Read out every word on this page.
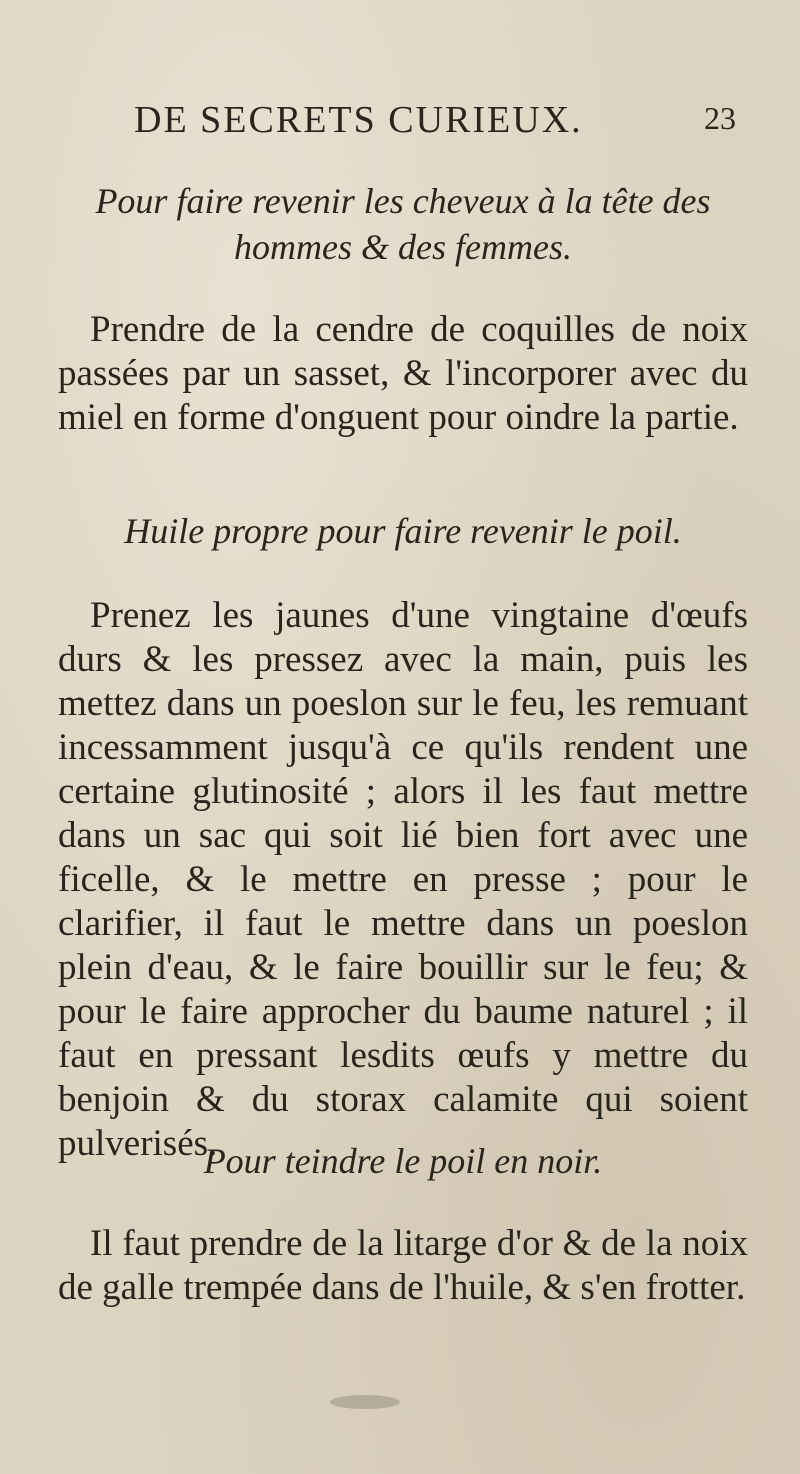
DE SECRETS CURIEUX.	23

Pour faire revenir les cheveux à la tête des hommes & des femmes.

Prendre de la cendre de coquilles de noix passées par un sasset, & l'incorporer avec du miel en forme d'onguent pour oindre la partie.

Huile propre pour faire revenir le poil.

Prenez les jaunes d'une vingtaine d'œufs durs & les pressez avec la main, puis les mettez dans un poeslon sur le feu, les remuant incessamment jusqu'à ce qu'ils rendent une certaine glutinosité ; alors il les faut mettre dans un sac qui soit lié bien fort avec une ficelle, & le mettre en presse ; pour le clarifier, il faut le mettre dans un poeslon plein d'eau, & le faire bouillir sur le feu; & pour le faire approcher du baume naturel ; il faut en pressant lesdits œufs y mettre du benjoin & du storax calamite qui soient pulverisés.

Pour teindre le poil en noir.

Il faut prendre de la litarge d'or & de la noix de galle trempée dans de l'huile, & s'en frotter.
